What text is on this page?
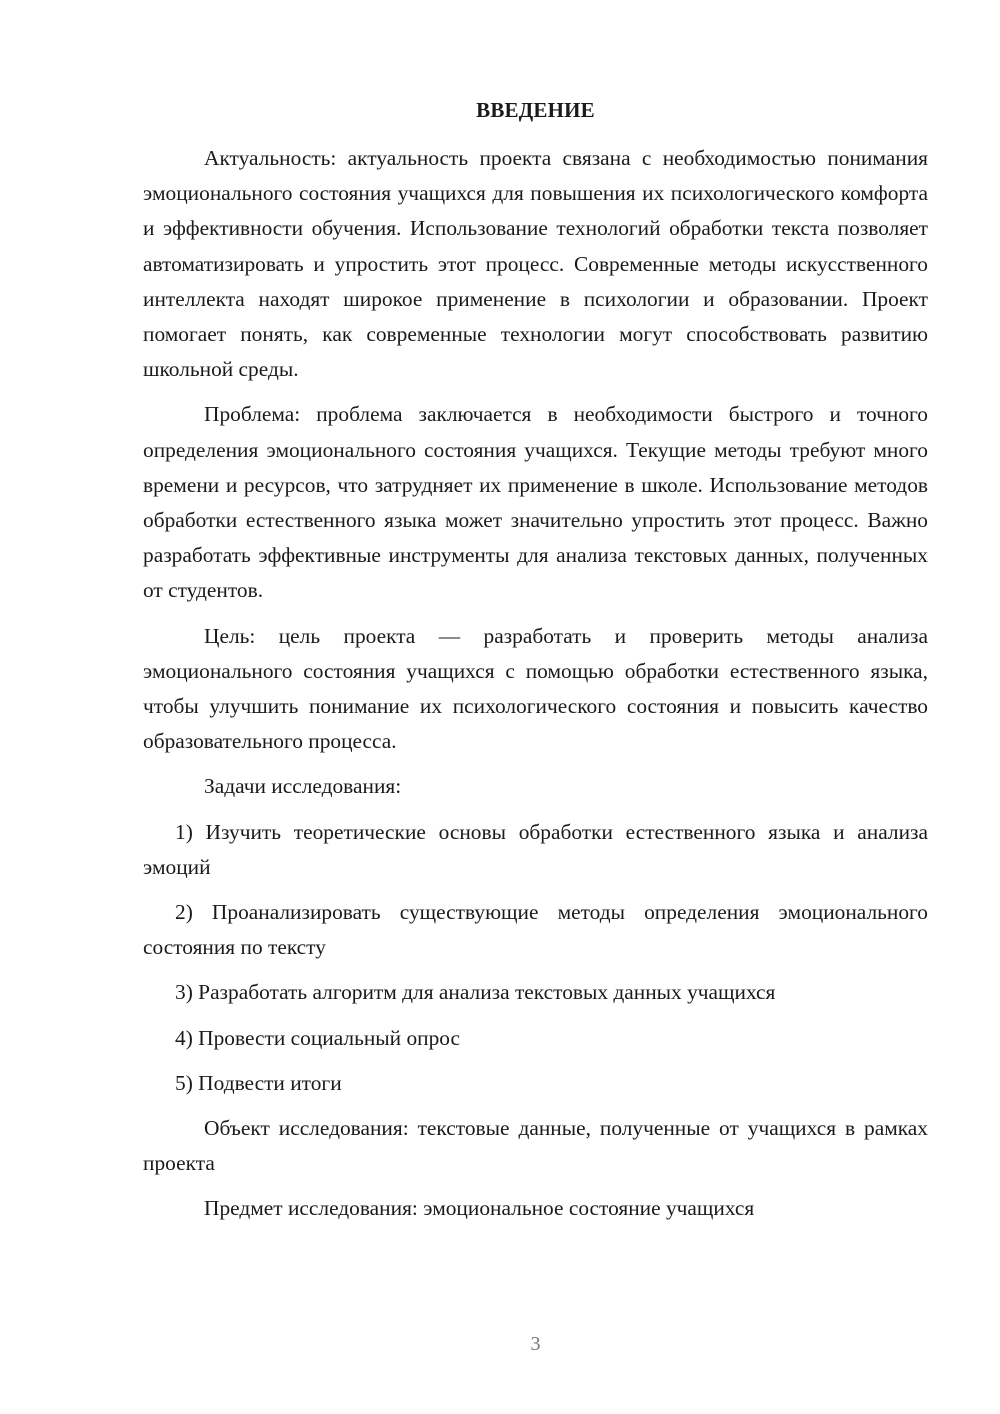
ВВЕДЕНИЕ

Актуальность: актуальность проекта связана с необходимостью понимания эмоционального состояния учащихся для повышения их психологического комфорта и эффективности обучения. Использование технологий обработки текста позволяет автоматизировать и упростить этот процесс. Современные методы искусственного интеллекта находят широкое применение в психологии и образовании. Проект помогает понять, как современные технологии могут способствовать развитию школьной среды.

Проблема: проблема заключается в необходимости быстрого и точного определения эмоционального состояния учащихся. Текущие методы требуют много времени и ресурсов, что затрудняет их применение в школе. Использование методов обработки естественного языка может значительно упростить этот процесс. Важно разработать эффективные инструменты для анализа текстовых данных, полученных от студентов.

Цель: цель проекта — разработать и проверить методы анализа эмоционального состояния учащихся с помощью обработки естественного языка, чтобы улучшить понимание их психологического состояния и повысить качество образовательного процесса.

Задачи исследования:

1) Изучить теоретические основы обработки естественного языка и анализа эмоций

2) Проанализировать существующие методы определения эмоционального состояния по тексту

3) Разработать алгоритм для анализа текстовых данных учащихся

4) Провести социальный опрос

5) Подвести итоги

Объект исследования: текстовые данные, полученные от учащихся в рамках проекта

Предмет исследования: эмоциональное состояние учащихся

3
